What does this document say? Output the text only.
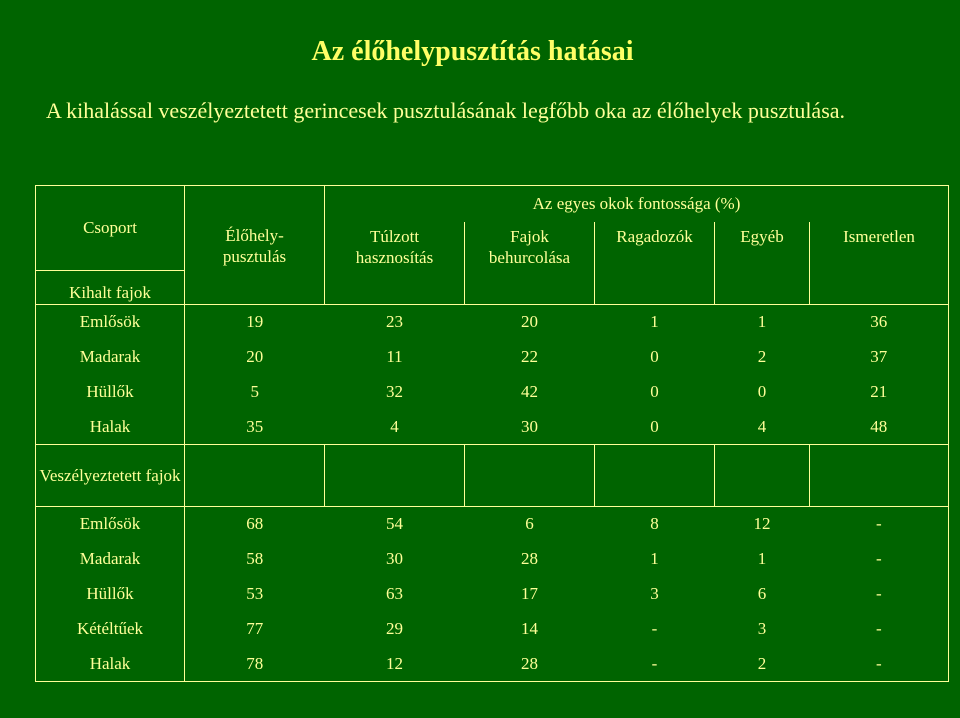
Az élőhelypusztítás hatásai
A kihalással veszélyeztetett gerincesek pusztulásának legfőbb oka az élőhelyek pusztulása.
Csoport	Élőhely-pusztulás	Az egyes okok fontossága (%)				
		Túlzott hasznosítás	Fajok behurcolása	Ragadozók	Egyéb	Ismeretlen
Kihalt fajok						
Emlősök	19	23	20	1	1	36
Madarak	20	11	22	0	2	37
Hüllők	5	32	42	0	0	21
Halak	35	4	30	0	4	48
Veszélyeztetett fajok						
Emlősök	68	54	6	8	12	-
Madarak	58	30	28	1	1	-
Hüllők	53	63	17	3	6	-
Kétéltűek	77	29	14	-	3	-
Halak	78	12	28	-	2	-
